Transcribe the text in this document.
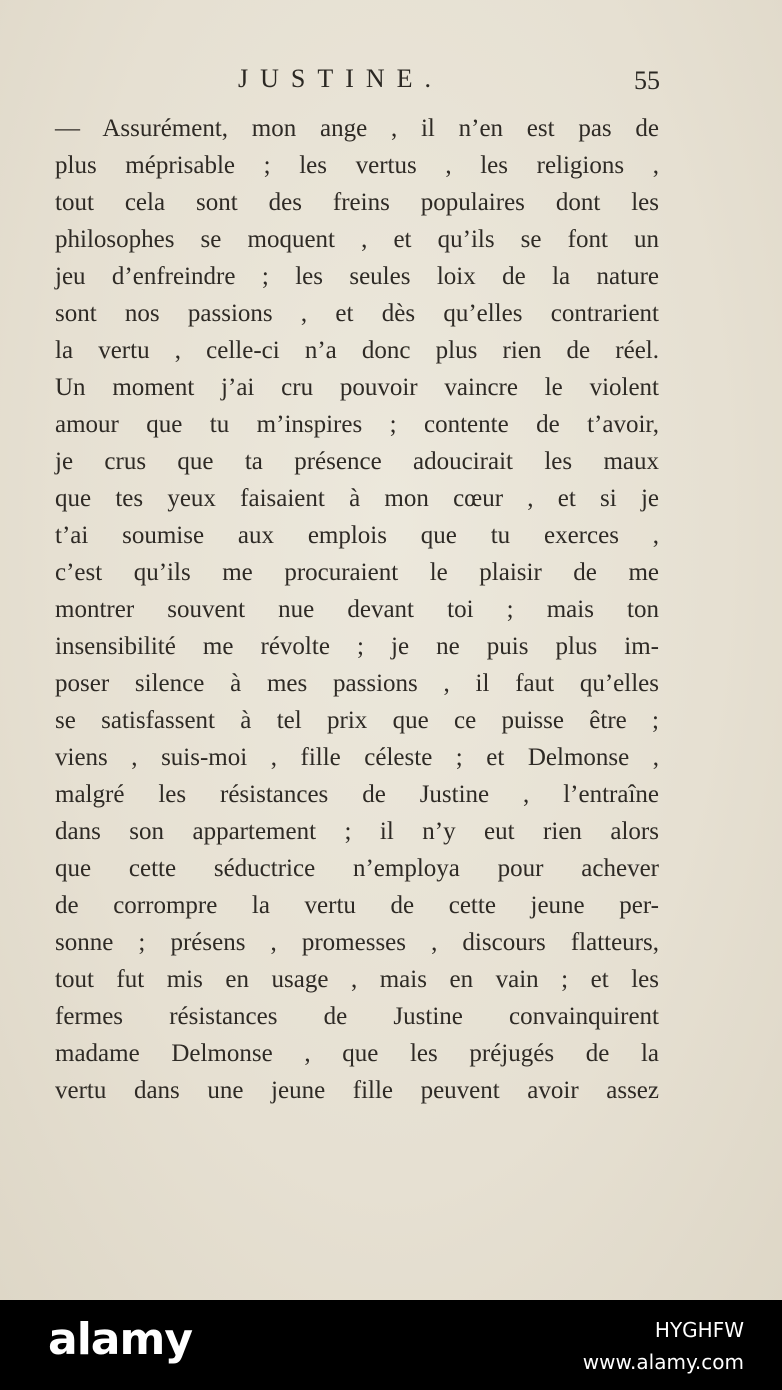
JUSTINE.	55
— Assurément, mon ange , il n’en est pas de
plus méprisable ; les vertus , les religions ,
tout cela sont des freins populaires dont les
philosophes se moquent , et qu’ils se font un
jeu d’enfreindre ; les seules loix de la nature
sont nos passions , et dès qu’elles contrarient
la vertu , celle-ci n’a donc plus rien de réel.
Un moment j’ai cru pouvoir vaincre le violent
amour que tu m’inspires ; contente de t’avoir,
je crus que ta présence adoucirait les maux
que tes yeux faisaient à mon cœur , et si je
t’ai soumise aux emplois que tu exerces ,
c’est qu’ils me procuraient le plaisir de me
montrer souvent nue devant toi ; mais ton
insensibilité me révolte ; je ne puis plus im-
poser silence à mes passions , il faut qu’elles
se satisfassent à tel prix que ce puisse être ;
viens , suis-moi , fille céleste ; et Delmonse ,
malgré les résistances de Justine , l’entraîne
dans son appartement ; il n’y eut rien alors
que cette séductrice n’employa pour achever
de corrompre la vertu de cette jeune per-
sonne ; présens , promesses , discours flatteurs,
tout fut mis en usage , mais en vain ; et les
fermes résistances de Justine convainquirent
madame Delmonse , que les préjugés de la
vertu dans une jeune fille peuvent avoir assez
alamy	HYGHFW
www.alamy.com
